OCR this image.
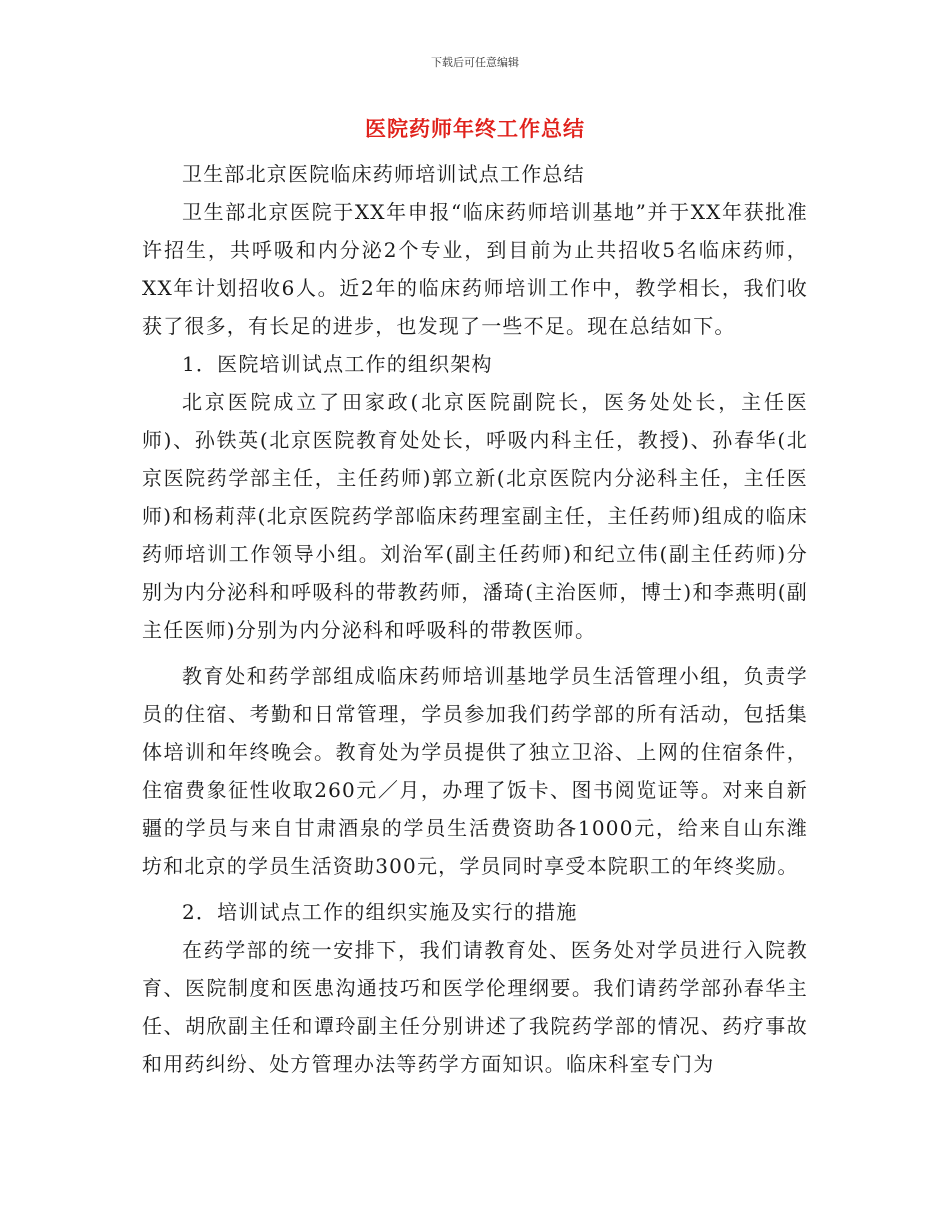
下载后可任意编辑
医院药师年终工作总结

卫生部北京医院临床药师培训试点工作总结

卫生部北京医院于XX年申报“临床药师培训基地”并于XX年获批准许招生，共呼吸和内分泌2个专业，到目前为止共招收5名临床药师，XX年计划招收6人。近2年的临床药师培训工作中，教学相长，我们收获了很多，有长足的进步，也发现了一些不足。现在总结如下。

1．医院培训试点工作的组织架构

北京医院成立了田家政(北京医院副院长，医务处处长，主任医师)、孙铁英(北京医院教育处处长，呼吸内科主任，教授)、孙春华(北京医院药学部主任，主任药师)郭立新(北京医院内分泌科主任，主任医师)和杨莉萍(北京医院药学部临床药理室副主任，主任药师)组成的临床药师培训工作领导小组。刘治军(副主任药师)和纪立伟(副主任药师)分别为内分泌科和呼吸科的带教药师，潘琦(主治医师，博士)和李燕明(副主任医师)分别为内分泌科和呼吸科的带教医师。

教育处和药学部组成临床药师培训基地学员生活管理小组，负责学员的住宿、考勤和日常管理，学员参加我们药学部的所有活动，包括集体培训和年终晚会。教育处为学员提供了独立卫浴、上网的住宿条件，住宿费象征性收取260元／月，办理了饭卡、图书阅览证等。对来自新疆的学员与来自甘肃酒泉的学员生活费资助各1000元，给来自山东潍坊和北京的学员生活资助300元，学员同时享受本院职工的年终奖励。

2．培训试点工作的组织实施及实行的措施

在药学部的统一安排下，我们请教育处、医务处对学员进行入院教育、医院制度和医患沟通技巧和医学伦理纲要。我们请药学部孙春华主任、胡欣副主任和谭玲副主任分别讲述了我院药学部的情况、药疗事故和用药纠纷、处方管理办法等药学方面知识。临床科室专门为
